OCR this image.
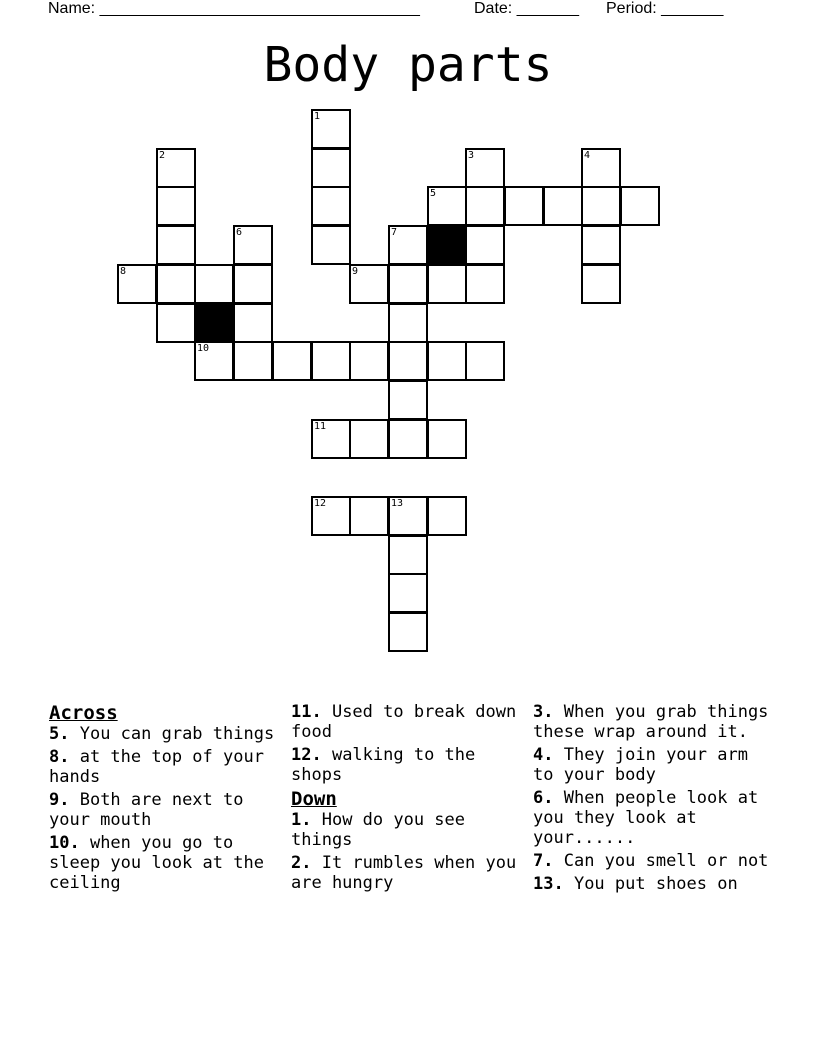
Name: ____________________________________	Date: _______ Period: _______
Body parts
1
2	3	4
5
6	7
8	9
10
11
12	13
Across
5. You can grab things
8. at the top of your hands
9. Both are next to your mouth
10. when you go to sleep you look at the ceiling
11. Used to break down food
12. walking to the shops
Down
1. How do you see things
2. It rumbles when you are hungry
3. When you grab things these wrap around it.
4. They join your arm to your body
6. When people look at you they look at your......
7. Can you smell or not
13. You put shoes on
